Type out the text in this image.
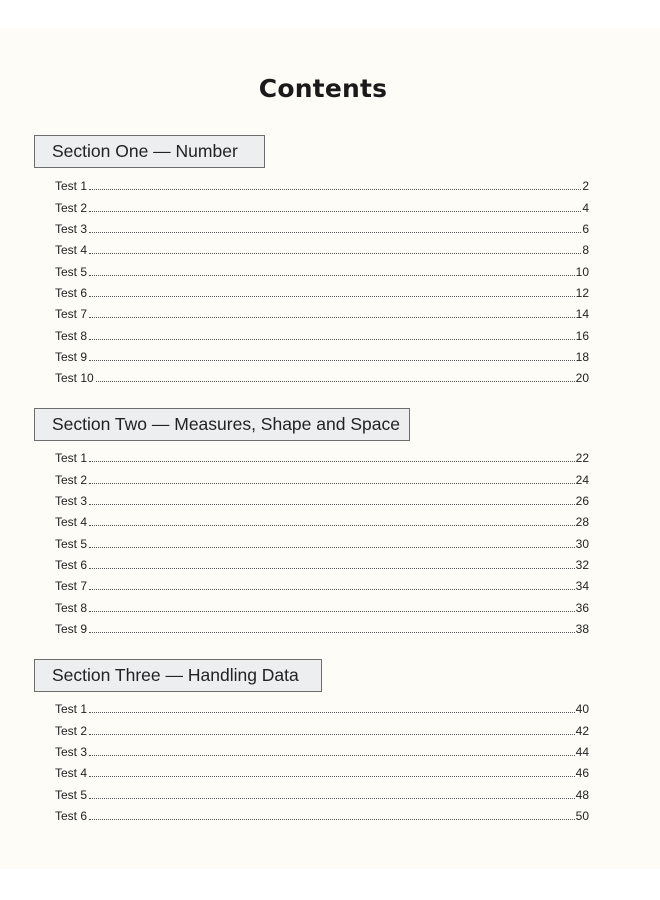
Contents
Section One — Number
Test 1	2
Test 2	4
Test 3	6
Test 4	8
Test 5	10
Test 6	12
Test 7	14
Test 8	16
Test 9	18
Test 10	20
Section Two — Measures, Shape and Space
Test 1	22
Test 2	24
Test 3	26
Test 4	28
Test 5	30
Test 6	32
Test 7	34
Test 8	36
Test 9	38
Section Three — Handling Data
Test 1	40
Test 2	42
Test 3	44
Test 4	46
Test 5	48
Test 6	50
